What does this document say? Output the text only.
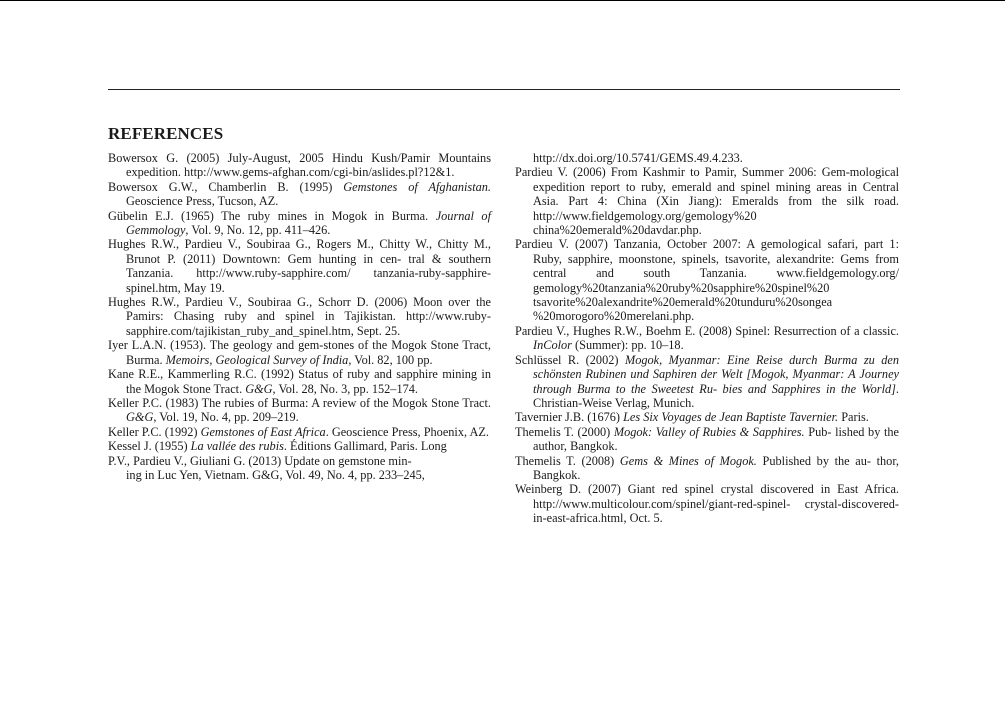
REFERENCES
Bowersox G. (2005) July-August, 2005 Hindu Kush/Pamir Mountains expedition. http://www.gems-afghan.com/cgi-bin/aslides.pl?12&1.
Bowersox G.W., Chamberlin B. (1995) Gemstones of Afghanistan. Geoscience Press, Tucson, AZ.
Gübelin E.J. (1965) The ruby mines in Mogok in Burma. Journal of Gemmology, Vol. 9, No. 12, pp. 411–426.
Hughes R.W., Pardieu V., Soubiraa G., Rogers M., Chitty W., Chitty M., Brunot P. (2011) Downtown: Gem hunting in cen- tral & southern Tanzania. http://www.ruby-sapphire.com/ tanzania-ruby-sapphire-spinel.htm, May 19.
Hughes R.W., Pardieu V., Soubiraa G., Schorr D. (2006) Moon over the Pamirs: Chasing ruby and spinel in Tajikistan. http://www.ruby-sapphire.com/tajikistan_ruby_and_spinel.htm, Sept. 25.
Iyer L.A.N. (1953). The geology and gem-stones of the Mogok Stone Tract, Burma. Memoirs, Geological Survey of India, Vol. 82, 100 pp.
Kane R.E., Kammerling R.C. (1992) Status of ruby and sapphire mining in the Mogok Stone Tract. G&G, Vol. 28, No. 3, pp. 152–174.
Keller P.C. (1983) The rubies of Burma: A review of the Mogok Stone Tract. G&G, Vol. 19, No. 4, pp. 209–219.
Keller P.C. (1992) Gemstones of East Africa. Geoscience Press, Phoenix, AZ.
Kessel J. (1955) La vallée des rubis. Éditions Gallimard, Paris. Long
P.V., Pardieu V., Giuliani G. (2013) Update on gemstone min-
ing in Luc Yen, Vietnam. G&G, Vol. 49, No. 4, pp. 233–245,
http://dx.doi.org/10.5741/GEMS.49.4.233.
Pardieu V. (2006) From Kashmir to Pamir, Summer 2006: Gem-mological expedition report to ruby, emerald and spinel mining areas in Central Asia. Part 4: China (Xin Jiang): Emeralds from the silk road. http://www.fieldgemology.org/gemology%20 china%20emerald%20davdar.php.
Pardieu V. (2007) Tanzania, October 2007: A gemological safari, part 1: Ruby, sapphire, moonstone, spinels, tsavorite, alexandrite: Gems from central and south Tanzania. www.fieldgemology.org/ gemology%20tanzania%20ruby%20sapphire%20spinel%20 tsavorite%20alexandrite%20emerald%20tunduru%20songea %20morogoro%20merelani.php.
Pardieu V., Hughes R.W., Boehm E. (2008) Spinel: Resurrection of a classic. InColor (Summer): pp. 10–18.
Schlüssel R. (2002) Mogok, Myanmar: Eine Reise durch Burma zu den schönsten Rubinen und Saphiren der Welt [Mogok, Myanmar: A Journey through Burma to the Sweetest Ru- bies and Sapphires in the World]. Christian-Weise Verlag, Munich.
Tavernier J.B. (1676) Les Six Voyages de Jean Baptiste Tavernier. Paris.
Themelis T. (2000) Mogok: Valley of Rubies & Sapphires. Pub- lished by the author, Bangkok.
Themelis T. (2008) Gems & Mines of Mogok. Published by the au- thor, Bangkok.
Weinberg D. (2007) Giant red spinel crystal discovered in East Africa. http://www.multicolour.com/spinel/giant-red-spinel- crystal-discovered-in-east-africa.html, Oct. 5.
